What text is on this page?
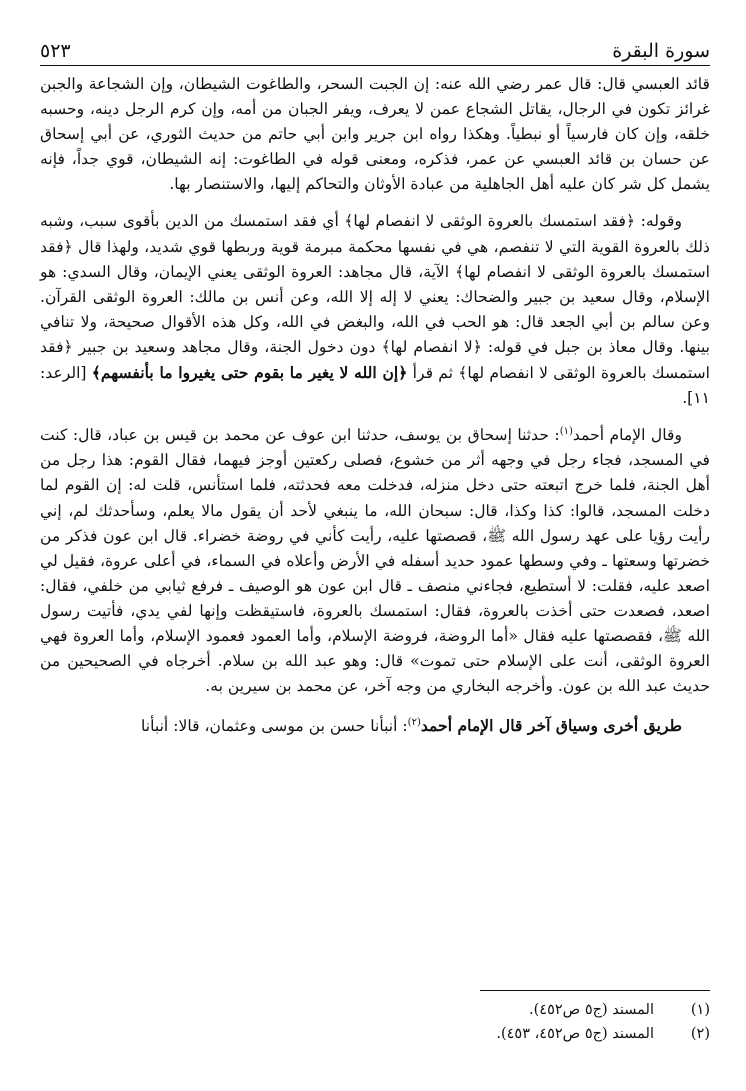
سورة البقرة
٥٢٣

قائد العبسي قال: قال عمر رضي الله عنه: إن الجبت السحر، والطاغوت الشيطان، وإن الشجاعة والجبن غرائز تكون في الرجال، يقاتل الشجاع عمن لا يعرف، ويفر الجبان من أمه، وإن كرم الرجل دينه، وحسبه خلقه، وإن كان فارسياً أو نبطياً. وهكذا رواه ابن جرير وابن أبي حاتم من حديث الثوري، عن أبي إسحاق عن حسان بن قائد العبسي عن عمر، فذكره، ومعنى قوله في الطاغوت: إنه الشيطان، قوي جداً، فإنه يشمل كل شر كان عليه أهل الجاهلية من عبادة الأوثان والتحاكم إليها، والاستنصار بها.

وقوله: ﴿فقد استمسك بالعروة الوثقى لا انفصام لها﴾ أي فقد استمسك من الدين بأقوى سبب، وشبه ذلك بالعروة القوية التي لا تنفصم، هي في نفسها محكمة مبرمة قوية وربطها قوي شديد، ولهذا قال ﴿فقد استمسك بالعروة الوثقى لا انفصام لها﴾ الآية، قال مجاهد: العروة الوثقى يعني الإيمان، وقال السدي: هو الإسلام، وقال سعيد بن جبير والضحاك: يعني لا إله إلا الله، وعن أنس بن مالك: العروة الوثقى القرآن. وعن سالم بن أبي الجعد قال: هو الحب في الله، والبغض في الله، وكل هذه الأقوال صحيحة، ولا تنافي بينها. وقال معاذ بن جبل في قوله: ﴿لا انفصام لها﴾ دون دخول الجنة، وقال مجاهد وسعيد بن جبير ﴿فقد استمسك بالعروة الوثقى لا انفصام لها﴾ ثم قرأ ﴿إن الله لا يغير ما بقوم حتى يغيروا ما بأنفسهم﴾ [الرعد: ١١].

وقال الإمام أحمد$^{(١)}$: حدثنا إسحاق بن يوسف، حدثنا ابن عوف عن محمد بن قيس بن عباد، قال: كنت في المسجد، فجاء رجل في وجهه أثر من خشوع، فصلى ركعتين أوجز فيهما، فقال القوم: هذا رجل من أهل الجنة، فلما خرج اتبعته حتى دخل منزله، فدخلت معه فحدثته، فلما استأنس، قلت له: إن القوم لما دخلت المسجد، قالوا: كذا وكذا، قال: سبحان الله، ما ينبغي لأحد أن يقول مالا يعلم، وسأحدثك لم، إني رأيت رؤيا على عهد رسول الله ﷺ، قصصتها عليه، رأيت كأني في روضة خضراء. قال ابن عون فذكر من خضرتها وسعتها ـ وفي وسطها عمود حديد أسفله في الأرض وأعلاه في السماء، في أعلى عروة، فقيل لي اصعد عليه، فقلت: لا أستطيع، فجاءني منصف ـ قال ابن عون هو الوصيف ـ فرفع ثيابي من خلفي، فقال: اصعد، فصعدت حتى أخذت بالعروة، فقال: استمسك بالعروة، فاستيقظت وإنها لفي يدي، فأتيت رسول الله ﷺ، فقصصتها عليه فقال «أما الروضة، فروضة الإسلام، وأما العمود فعمود الإسلام، وأما العروة فهي العروة الوثقى، أنت على الإسلام حتى تموت» قال: وهو عبد الله بن سلام. أخرجاه في الصحيحين من حديث عبد الله بن عون. وأخرجه البخاري من وجه آخر، عن محمد بن سيرين به.

طريق أخرى وسياق آخر قال الإمام أحمد$^{(٢)}$: أنبأنا حسن بن موسى وعثمان، قالا: أنبأنا

(١)
المسند (ج٥ ص٤٥٢).
(٢)
المسند (ج٥ ص٤٥٢، ٤٥٣).
